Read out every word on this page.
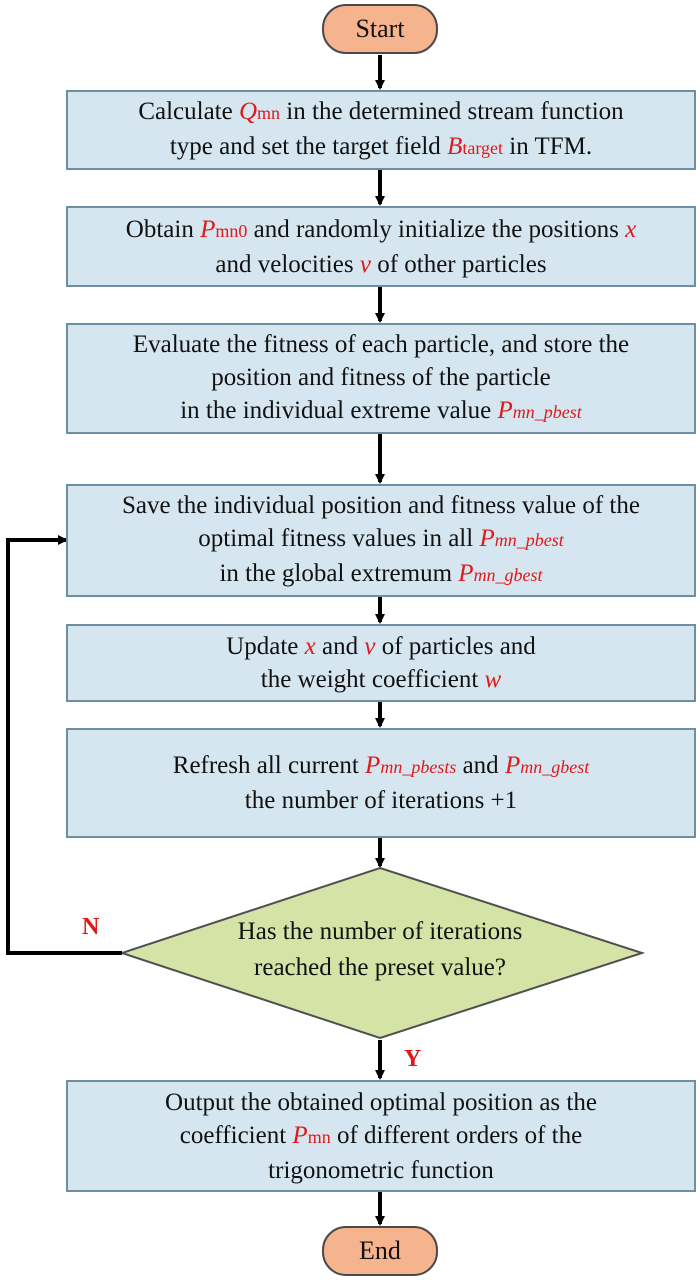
Start
Calculate Qmn in the determined stream function
type and set the target field Btarget in TFM.
Obtain Pmn0 and randomly initialize the positions x
and velocities v of other particles
Evaluate the fitness of each particle, and store the
position and fitness of the particle
in the individual extreme value Pmn_pbest
Save the individual position and fitness value of the
optimal fitness values in all Pmn_pbest
in the global extremum Pmn_gbest
Update x and v of particles and
the weight coefficient w
Refresh all current Pmn_pbests and Pmn_gbest
the number of iterations +1
Has the number of iterations
reached the preset value?
N
Y
Output the obtained optimal position as the
coefficient Pmn of different orders of the
trigonometric function
End
